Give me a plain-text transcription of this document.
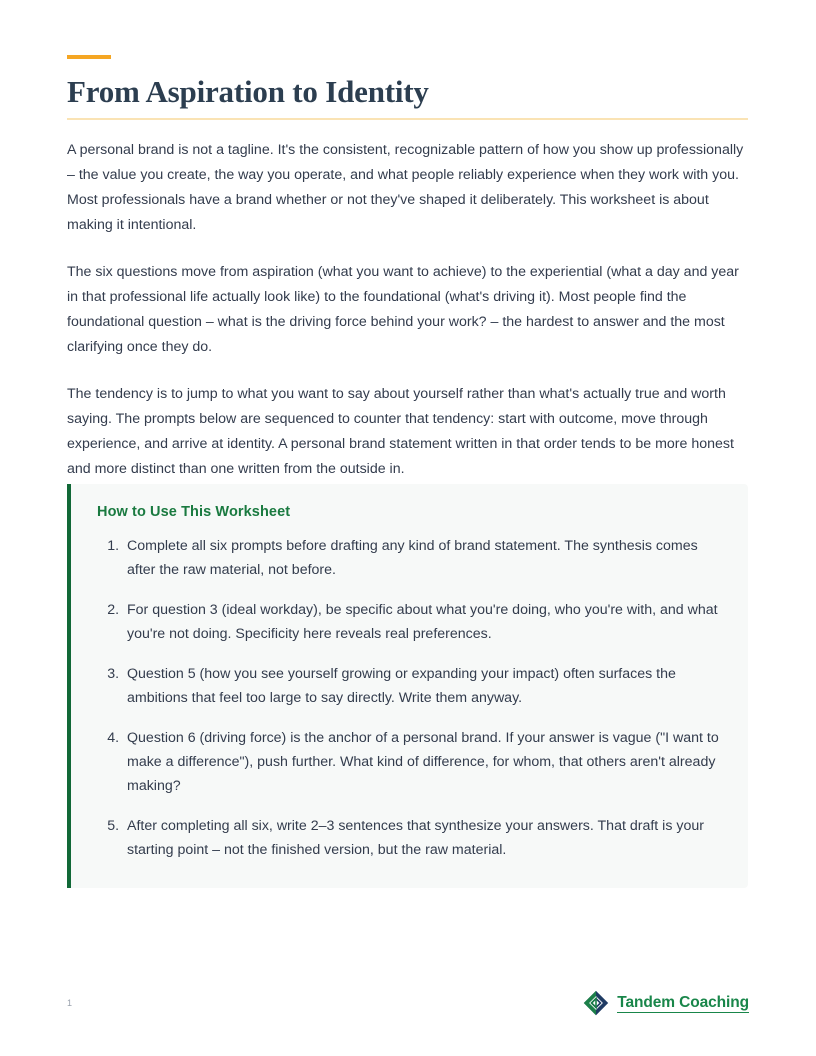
From Aspiration to Identity

A personal brand is not a tagline. It's the consistent, recognizable pattern of how you show up professionally – the value you create, the way you operate, and what people reliably experience when they work with you. Most professionals have a brand whether or not they've shaped it deliberately. This worksheet is about making it intentional.

The six questions move from aspiration (what you want to achieve) to the experiential (what a day and year in that professional life actually look like) to the foundational (what's driving it). Most people find the foundational question – what is the driving force behind your work? – the hardest to answer and the most clarifying once they do.

The tendency is to jump to what you want to say about yourself rather than what's actually true and worth saying. The prompts below are sequenced to counter that tendency: start with outcome, move through experience, and arrive at identity. A personal brand statement written in that order tends to be more honest and more distinct than one written from the outside in.

How to Use This Worksheet
1. Complete all six prompts before drafting any kind of brand statement. The synthesis comes after the raw material, not before.
2. For question 3 (ideal workday), be specific about what you're doing, who you're with, and what you're not doing. Specificity here reveals real preferences.
3. Question 5 (how you see yourself growing or expanding your impact) often surfaces the ambitions that feel too large to say directly. Write them anyway.
4. Question 6 (driving force) is the anchor of a personal brand. If your answer is vague ("I want to make a difference"), push further. What kind of difference, for whom, that others aren't already making?
5. After completing all six, write 2–3 sentences that synthesize your answers. That draft is your starting point – not the finished version, but the raw material.
1	Tandem Coaching
